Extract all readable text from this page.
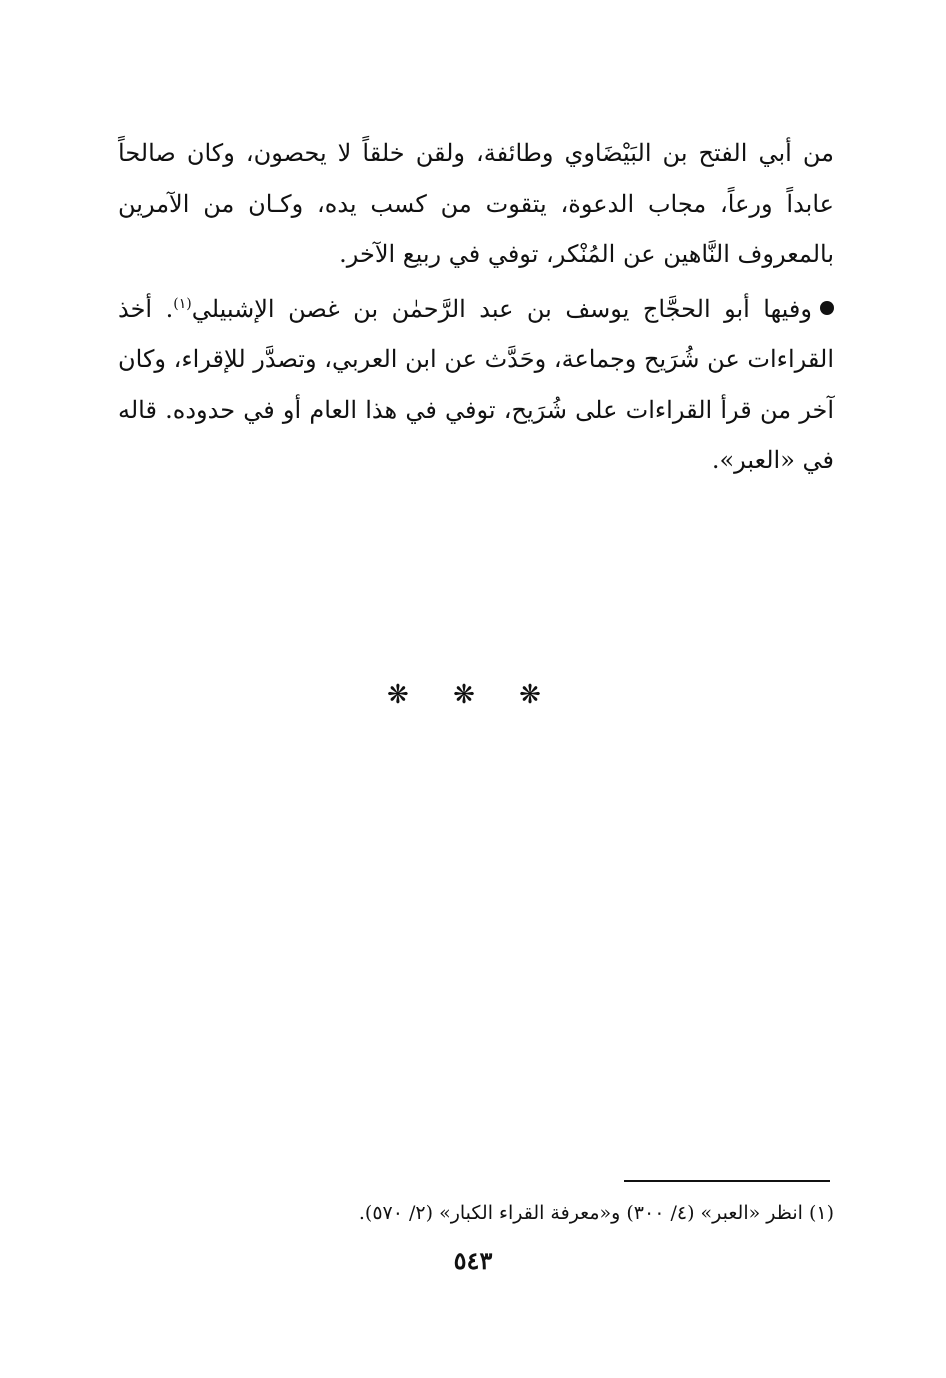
من أبي الفتح بن البَيْضَاوي وطائفة، ولقن خلقاً لا يحصون، وكان صالحاً عابداً ورعاً، مجاب الدعوة، يتقوت من كسب يده، وكـان من الآمرين بالمعروف النَّاهين عن المُنْكر، توفي في ربيع الآخر.

وفيها أبو الحجَّاج يوسف بن عبد الرَّحمٰن بن غصن الإشبيلي$^{(١)}$. أخذ القراءات عن شُرَيح وجماعة، وحَدَّث عن ابن العربي، وتصدَّر للإقراء، وكان آخر من قرأ القراءات على شُرَيح، توفي في هذا العام أو في حدوده. قاله في «العبر».

❋ ❋ ❋
(١) انظر «العبر» (٤/ ٣٠٠) و«معرفة القراء الكبار» (٢/ ٥٧٠).
٥٤٣
